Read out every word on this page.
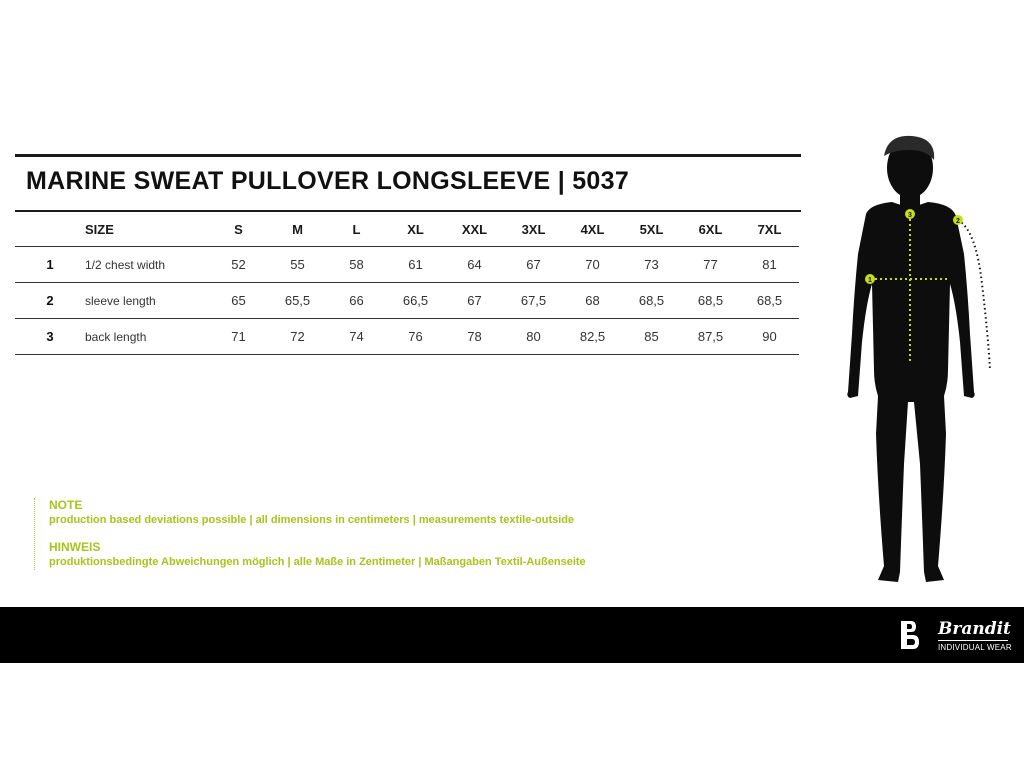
MARINE SWEAT PULLOVER LONGSLEEVE | 5037
	SIZE	S	M	L	XL	XXL	3XL	4XL	5XL	6XL	7XL
1	1/2 chest width	52	55	58	61	64	67	70	73	77	81
2	sleeve length	65	65,5	66	66,5	67	67,5	68	68,5	68,5	68,5
3	back length	71	72	74	76	78	80	82,5	85	87,5	90
NOTE
production based deviations possible | all dimensions in centimeters | measurements textile-outside
HINWEIS
produktionsbedingte Abweichungen möglich | alle Maße in Zentimeter | Maßangaben Textil-Außenseite
1
2
3
Brandit
INDIVIDUAL WEAR
